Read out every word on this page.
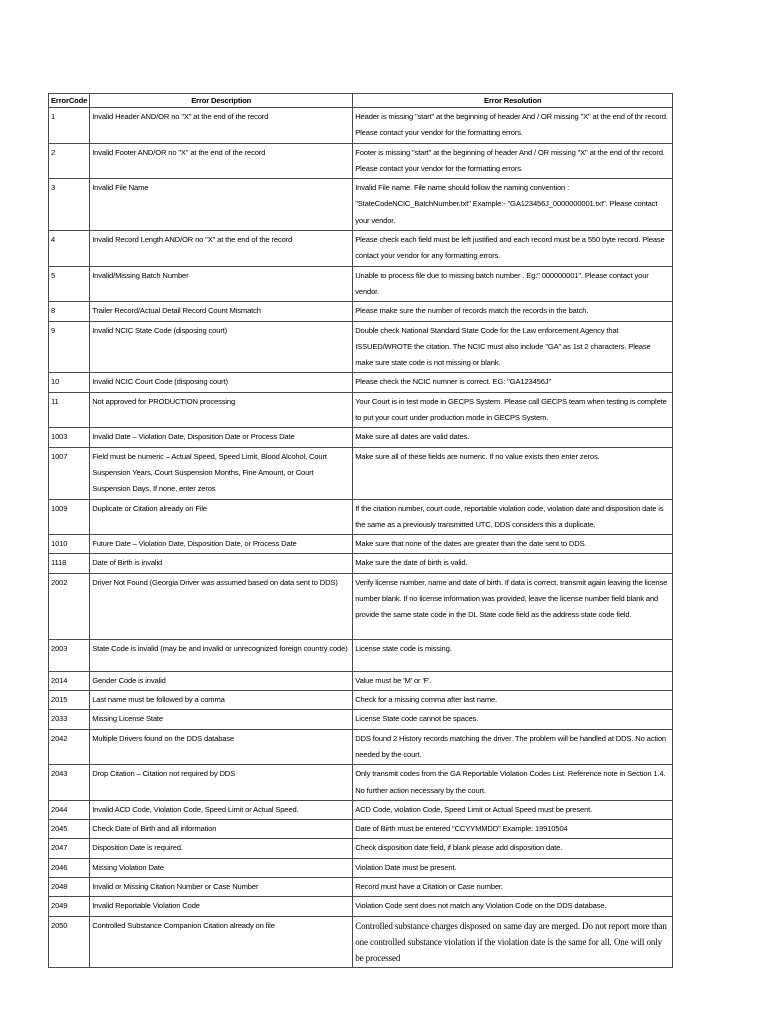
ErrorCode	Error Description	Error Resolution
1	Invalid Header AND/OR no "X" at the end of the record	Header is missing "start" at the beginning of header And / OR missing "X" at the end of thr record. Please contact your vendor for the formatting errors.
2	Invalid Footer AND/OR no "X" at the end of the record	Footer is missing "start" at the beginning of header And / OR missing "X" at the end of thr record. Please contact your vendor for the formatting errors.
3	Invalid File Name	Invalid File name. File name should follow the naming convention : "StateCodeNCIC_BatchNumber.txt" Example:- "GA123456J_0000000001.txt". Please contact your vendor.
4	Invalid Record Length AND/OR no "X" at the end of the record	Please check each field must be left justified and each record must be a 550 byte record. Please contact your vendor for any formatting errors.
5	Invalid/Missing Batch Number	Unable to process file due to missing batch number . Eg:" 000000001". Please contact your vendor.
8	Trailer Record/Actual Detail Record Count Mismatch	Please make sure the number of records match the records in the batch.
9	Invalid NCIC State Code (disposing court)	Double check National Standard State Code for the Law enforcement Agency that ISSUED/WROTE the citation. The NCIC must also include "GA" as 1st 2 characters. Please make sure state code is not missing or blank.
10	Invalid NCIC Court Code (disposing court)	Please check the NCIC numner is correct. EG: "GA123456J"
11	Not approved for PRODUCTION processing	Your Court is in test mode in GECPS System. Please call GECPS team when testing is complete to put your court under production mode in GECPS System.
1003	Invalid Date – Violation Date, Disposition Date or Process Date	Make sure all dates are valid dates.
1007	Field must be numeric – Actual Speed, Speed Limit, Blood Alcohol, Court Suspension Years, Court Suspension Months, Fine Amount, or Court Suspension Days. If none, enter zeros	Make sure all of these fields are numeric. If no value exists then enter zeros.
1009	Duplicate or Citation already on File	If the citation number, court code, reportable violation code, violation date and disposition date is the same as a previously transmitted UTC, DDS considers this a duplicate.
1010	Future Date – Violation Date, Disposition Date, or Process Date	Make sure that none of the dates are greater than the date sent to DDS.
1118	Date of Birth is invalid	Make sure the date of birth is valid.
2002	Driver Not Found (Georgia Driver was assumed based on data sent to DDS)	Verify license number, name and date of birth. If data is correct, transmit again leaving the license number blank. If no license information was provided, leave the license number field blank and provide the same state code in the DL State code field as the address state code field.
2003	State Code is invalid (may be and invalid or unrecognized foreign country code)	License state code is missing.
2014	Gender Code is invalid	Value must be 'M' or 'F'.
2015	Last name must be followed by a comma	Check for a missing comma after last name.
2033	Missing License State	License State code cannot be spaces.
2042	Multiple Drivers found on the DDS database	DDS found 2 History records matching the driver. The problem will be handled at DDS. No action needed by the court.
2043	Drop Citation – Citation not required by DDS	Only transmit codes from the GA Reportable Violation Codes List. Reference note in Section 1.4. No further action necessary by the court.
2044	Invalid ACD Code, Violation Code, Speed Limit or Actual Speed.	ACD Code, violation Code, Speed Limit or Actual Speed must be present.
2045	Check Date of Birth and all information	Date of Birth must be entered "CCYYMMDD" Example: 19910504
2047	Disposition Date is required.	Check disposition date field, if blank please add disposition date.
2046	Missing Violation Date	Violation Date must be present.
2048	Invalid or Missing Citation Number or Case Number	Record must have a Citation or Case number.
2049	Invalid Reportable Violation Code	Violation Code sent does not match any Violation Code on the DDS database.
2050	Controlled Substance Companion Citation already on file	Controlled substance charges disposed on same day are merged. Do not report more than one controlled substance violation if the violation date is the same for all. One will only be processed
